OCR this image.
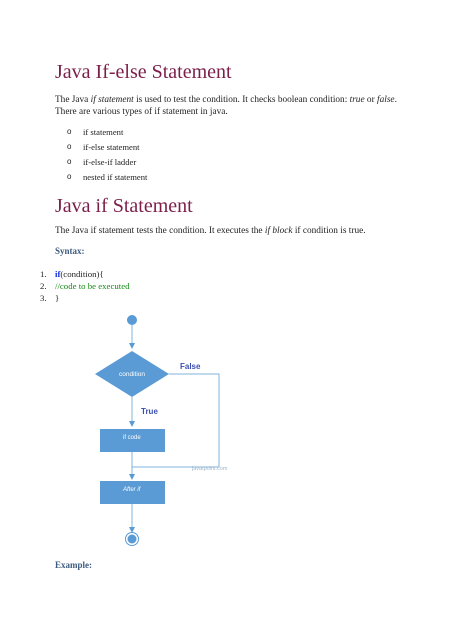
Java If-else Statement
The Java if statement is used to test the condition. It checks boolean condition: true or false. There are various types of if statement in java.
o	if statement
o	if-else statement
o	if-else-if ladder
o	nested if statement
Java if Statement
The Java if statement tests the condition. It executes the if block if condition is true.
Syntax:
1. if (condition){
2. //code to be executed
3. }
condition
False
True
if code
javatpoint.com
After if
Example:
